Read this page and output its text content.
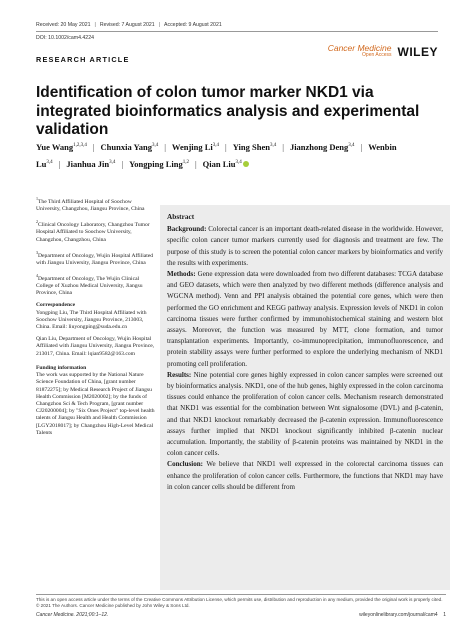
Received: 20 May 2021 | Revised: 7 August 2021 | Accepted: 9 August 2021
DOI: 10.1002/cam4.4224
Cancer Medicine
Open Access WILEY
RESEARCH ARTICLE
Identification of colon tumor marker NKD1 via integrated bioinformatics analysis and experimental validation
Yue Wang$^{1,2,3,4}$ | Chunxia Yang$^{3,4}$ | Wenjing Li$^{3,4}$ | Ying Shen$^{3,4}$ | Jianzhong Deng$^{3,4}$ | Wenbin Lu$^{3,4}$ | Jianhua Jin$^{3,4}$ | Yongping Ling$^{1,2}$ | Qian Liu$^{3,4}$
$^1$The Third Affiliated Hospital of Soochow University, Changzhou, Jiangsu Province, China
$^2$Clinical Oncology Laboratory, Changzhou Tumor Hospital Affiliated to Soochow University, Changzhou, Changzhou, China
$^3$Department of Oncology, Wujin Hospital Affiliated with Jiangsu University, Jiangsu Province, China
$^4$Department of Oncology, The Wujin Clinical College of Xuzhou Medical University, Jiangsu Province, China
Correspondence
Yongping Liu, The Third Hospital Affiliated with Soochow University, Jiangsu Province, 213003, China. Email: liuyongping@suda.edu.cn
Qian Liu, Department of Oncology, Wujin Hospital Affiliated with Jiangsu University, Jiangsu Province, 213017, China. Email: lqian9582@163.com
Funding information
The work was supported by the National Nature Science Foundation of China, [grant number 81872275]; by Medical Research Project of Jiangsu Health Commission [M2020002]; by the funds of Changzhou Sci & Tech Program, [grant number CJ20200004]; by "Six Ones Project" top-level health talents of Jiangsu Health and Health Commission [LGY2018017]; by Changzhou High-Level Medical Talents
Abstract

Background: Colorectal cancer is an important death-related disease in the worldwide. However, specific colon cancer tumor markers currently used for diagnosis and treatment are few. The purpose of this study is to screen the potential colon cancer markers by bioinformatics and verify the results with experiments.

Methods: Gene expression data were downloaded from two different databases: TCGA database and GEO datasets, which were then analyzed by two different methods (difference analysis and WGCNA method). Venn and PPI analysis obtained the potential core genes, which were then performed the GO enrichment and KEGG pathway analysis. Expression levels of NKD1 in colon carcinoma tissues were further confirmed by immunohistochemical staining and western blot assays. Moreover, the function was measured by MTT, clone formation, and tumor transplantation experiments. Importantly, co-immunoprecipitation, immunofluorescence, and protein stability assays were further performed to explore the underlying mechanism of NKD1 promoting cell proliferation.

Results: Nine potential core genes highly expressed in colon cancer samples were screened out by bioinformatics analysis. NKD1, one of the hub genes, highly expressed in the colon carcinoma tissues could enhance the proliferation of colon cancer cells. Mechanism research demonstrated that NKD1 was essential for the combination between Wnt signalosome (DVL) and β-catenin, and that NKD1 knockout remarkably decreased the β-catenin expression. Immunofluorescence assays further implied that NKD1 knockout significantly inhibited β-catenin nuclear accumulation. Importantly, the stability of β-catenin proteins was maintained by NKD1 in the colon cancer cells.

Conclusion: We believe that NKD1 well expressed in the colorectal carcinoma tissues can enhance the proliferation of colon cancer cells. Furthermore, the functions that NKD1 may have in colon cancer cells should be different from

This is an open access article under the terms of the Creative Commons Attribution License, which permits use, distribution and reproduction in any medium, provided the original work is properly cited.
© 2021 The Authors. Cancer Medicine published by John Wiley & Sons Ltd.
Cancer Medicine. 2021;00:1–12.	wileyonlinelibrary.com/journal/cam4 1
